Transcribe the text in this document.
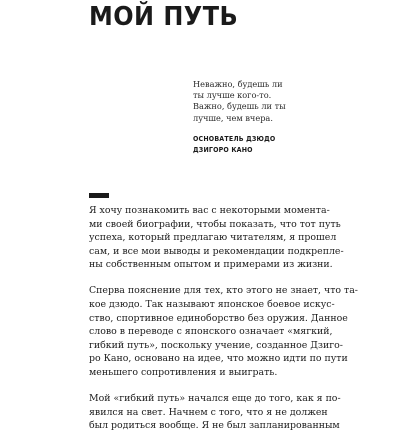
МОЙ ПУТЬ

Неважно, будешь ли

ты лучше кого-то.

Важно, будешь ли ты

лучше, чем вчера.

ОСНОВАТЕЛЬ ДЗЮДО
ДЗИГОРО КАНО

Я хочу познакомить вас с некоторыми момента-
ми своей биографии, чтобы показать, что тот путь
успеха, который предлагаю читателям, я прошел
сам, и все мои выводы и рекомендации подкрепле-
ны собственным опытом и примерами из жизни.

Сперва пояснение для тех, кто этого не знает, что та-
кое дзюдо. Так называют японское боевое искус-
ство, спортивное единоборство без оружия. Данное
слово в переводе с японского означает «мягкий,
гибкий путь», поскольку учение, созданное Дзиго-
ро Кано, основано на идее, что можно идти по пути
меньшего сопротивления и выиграть.

Мой «гибкий путь» начался еще до того, как я по-
явился на свет. Начнем с того, что я не должен
был родиться вообще. Я не был запланированным
